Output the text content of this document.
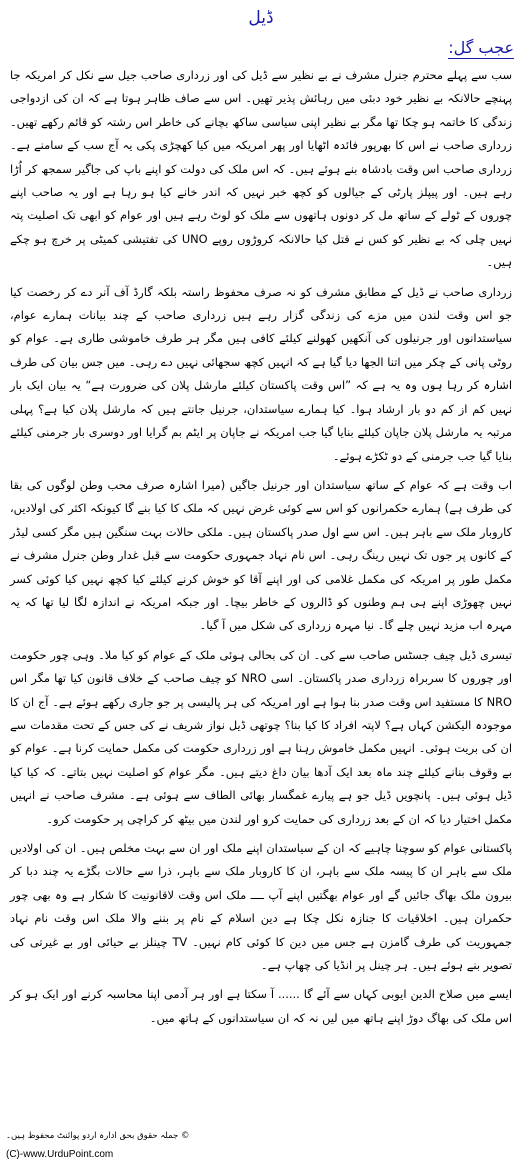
ڈیل
عجب گل:

سب سے پہلے محترم جنرل مشرف نے بے نظیر سے ڈیل کی اور زرداری صاحب جیل سے نکل کر امریکہ جا پہنچے حالانکہ بے نظیر خود دبئی میں رہائش پذیر تھیں۔ اس سے صاف ظاہر ہوتا ہے کہ ان کی ازدواجی زندگی کا خاتمہ ہو چکا تھا مگر بے نظیر اپنی سیاسی ساکھ بچانے کی خاطر اس رشتہ کو قائم رکھے تھیں۔ زرداری صاحب نے اس کا بھرپور فائدہ اٹھایا اور پھر امریکہ میں کیا کھچڑی پکی یہ آج سب کے سامنے ہے۔ زرداری صاحب اس وقت بادشاہ بنے ہوئے ہیں۔ کہ اس ملک کی دولت کو اپنے باپ کی جاگیر سمجھ کر اُڑا رہے ہیں۔ اور پیپلز پارٹی کے جیالوں کو کچھ خبر نہیں کہ اندر خانے کیا ہو رہا ہے اور یہ صاحب اپنے چوروں کے ٹولے کے ساتھ مل کر دونوں ہاتھوں سے ملک کو لوٹ رہے ہیں اور عوام کو ابھی تک اصلیت پتہ نہیں چلی کہ بے نظیر کو کس نے قتل کیا حالانکہ کروڑوں روپے UNO کی تفتیشی کمیٹی پر خرچ ہو چکے ہیں۔

زرداری صاحب نے ڈیل کے مطابق مشرف کو نہ صرف محفوظ راستہ بلکہ گارڈ آف آنر دے کر رخصت کیا جو اس وقت لندن میں مزے کی زندگی گزار رہے ہیں زرداری صاحب کے چند بیانات ہمارے عوام، سیاستدانوں اور جرنیلوں کی آنکھیں کھولنے کیلئے کافی ہیں مگر ہر طرف خاموشی طاری ہے۔ عوام کو روٹی پانی کے چکر میں اتنا الجھا دیا گیا ہے کہ انہیں کچھ سجھائی نہیں دے رہی۔ میں جس بیان کی طرف اشارہ کر رہا ہوں وہ یہ ہے کہ ”اس وقت پاکستان کیلئے مارشل پلان کی ضرورت ہے“ یہ بیان ایک بار نہیں کم از کم دو بار ارشاد ہوا۔ کیا ہمارے سیاستدان، جرنیل جانتے ہیں کہ مارشل پلان کیا ہے؟ پہلی مرتبہ یہ مارشل پلان جاپان کیلئے بنایا گیا جب امریکہ نے جاپان پر ایٹم بم گرایا اور دوسری بار جرمنی کیلئے بنایا گیا جب جرمنی کے دو ٹکڑے ہوئے۔

اب وقت ہے کہ عوام کے ساتھ سیاستدان اور جرنیل جاگیں (میرا اشارہ صرف محب وطن لوگوں کی بقا کی طرف ہے) ہمارے حکمرانوں کو اس سے کوئی غرض نہیں کہ ملک کا کیا بنے گا کیونکہ اکثر کی اولادیں، کاروبار ملک سے باہر ہیں۔ اس سے اول صدر پاکستان ہیں۔ ملکی حالات بہت سنگین ہیں مگر کسی لیڈر کے کانوں پر جوں تک نہیں رینگ رہی۔ اس نام نہاد جمہوری حکومت سے قبل غدار وطن جنرل مشرف نے مکمل طور پر امریکہ کی مکمل غلامی کی اور اپنے آقا کو خوش کرنے کیلئے کیا کچھ نہیں کیا کوئی کسر نہیں چھوڑی اپنے ہی ہم وطنوں کو ڈالروں کے خاطر بیچا۔ اور جبکہ امریکہ نے اندازہ لگا لیا تھا کہ یہ مہرہ اب مزید نہیں چلے گا۔ نیا مہرہ زرداری کی شکل میں آ گیا۔

تیسری ڈیل چیف جسٹس صاحب سے کی۔ ان کی بحالی ہوئی ملک کے عوام کو کیا ملا۔ وہی چور حکومت اور چوروں کا سربراہ زرداری صدر پاکستان۔ اسی NRO کو چیف صاحب کے خلاف قانون کیا تھا مگر اس NRO کا مستفید اس وقت صدر بنا ہوا ہے اور امریکہ کی ہر پالیسی پر جو جاری رکھے ہوئے ہے۔ آج ان کا موجودہ الیکشن کہاں ہے؟ لاپتہ افراد کا کیا بنا؟ چوتھی ڈیل نواز شریف نے کی جس کے تحت مقدمات سے ان کی بریت ہوئی۔ انہیں مکمل خاموش رہنا ہے اور زرداری حکومت کی مکمل حمایت کرنا ہے۔ عوام کو بے وقوف بنانے کیلئے چند ماہ بعد ایک آدھا بیان داغ دیتے ہیں۔ مگر عوام کو اصلیت نہیں بتاتے۔ کہ کیا کیا ڈیل ہوئی ہیں۔ پانچویں ڈیل جو ہے پیارے غمگسار بھائی الطاف سے ہوئی ہے۔ مشرف صاحب نے انہیں مکمل اختیار دیا کہ ان کے بعد زرداری کی حمایت کرو اور لندن میں بیٹھ کر کراچی پر حکومت کرو۔

پاکستانی عوام کو سوچنا چاہیے کہ ان کے سیاستدان اپنے ملک اور ان سے بہت مخلص ہیں۔ ان کی اولادیں ملک سے باہر ان کا پیسہ ملک سے باہر، ان کا کاروبار ملک سے باہر، ذرا سے حالات بگڑے یہ چند دبا کر بیرون ملک بھاگ جائیں گے اور عوام بھگتیں اپنے آپ ــــ ملک اس وقت لاقانونیت کا شکار ہے وہ بھی چور حکمران ہیں۔ اخلاقیات کا جنازہ نکل چکا ہے دین اسلام کے نام پر بننے والا ملک اس وقت نام نہاد جمہوریت کی طرف گامزن ہے جس میں دین کا کوئی کام نہیں۔ TV چینلز بے حیائی اور بے غیرتی کی تصویر بنے ہوئے ہیں۔ ہر چینل پر انڈیا کی چھاپ ہے۔

ایسے میں صلاح الدین ایوبی کہاں سے آئے گا ...... آ سکتا ہے اور ہر آدمی اپنا محاسبہ کرنے اور ایک ہو کر اس ملک کی بھاگ دوڑ اپنے ہاتھ میں لیں نہ کہ ان سیاستدانوں کے ہاتھ میں۔

© جملہ حقوق بحق ادارہ اردو پوائنٹ محفوظ ہیں۔
(C)-www.UrduPoint.com
